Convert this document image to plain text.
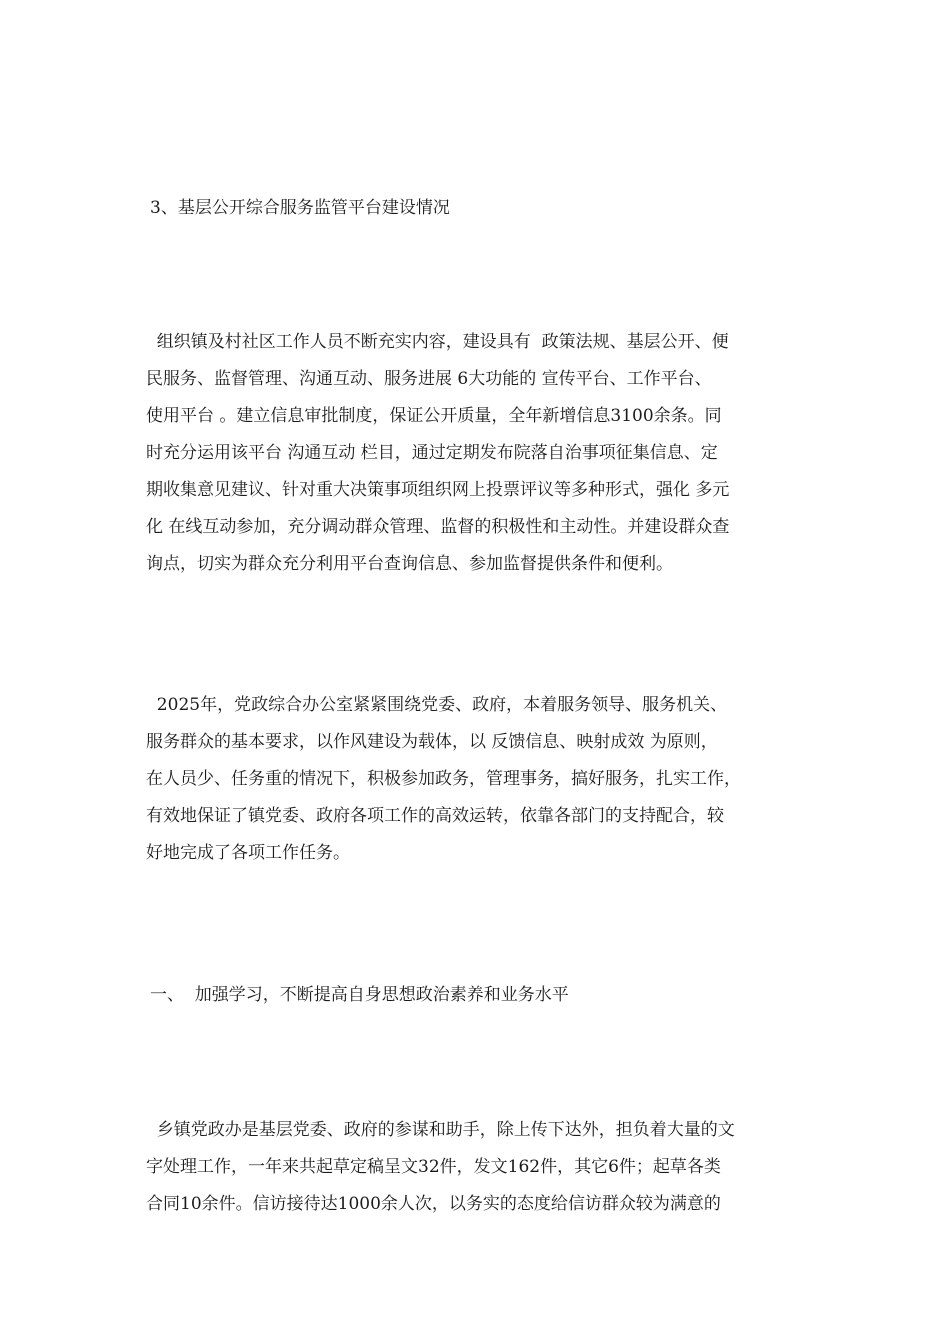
3、基层公开综合服务监管平台建设情况

组织镇及村社区工作人员不断充实内容，建设具有  政策法规、基层公开、便
民服务、监督管理、沟通互动、服务进展 6大功能的 宣传平台、工作平台、
使用平台 。建立信息审批制度，保证公开质量，全年新增信息3100余条。同
时充分运用该平台 沟通互动 栏目，通过定期发布院落自治事项征集信息、定
期收集意见建议、针对重大决策事项组织网上投票评议等多种形式，强化 多元
化 在线互动参加，充分调动群众管理、监督的积极性和主动性。并建设群众查
询点，切实为群众充分利用平台查询信息、参加监督提供条件和便利。
2025年，党政综合办公室紧紧围绕党委、政府，本着服务领导、服务机关、
服务群众的基本要求，以作风建设为载体，以 反馈信息、映射成效 为原则，
在人员少、任务重的情况下，积极参加政务，管理事务，搞好服务，扎实工作，
有效地保证了镇党委、政府各项工作的高效运转，依靠各部门的支持配合，较
好地完成了各项工作任务。

一、  加强学习，不断提高自身思想政治素养和业务水平

乡镇党政办是基层党委、政府的参谋和助手，除上传下达外，担负着大量的文
字处理工作，一年来共起草定稿呈文32件，发文162件，其它6件；起草各类
合同10余件。信访接待达1000余人次，以务实的态度给信访群众较为满意的
